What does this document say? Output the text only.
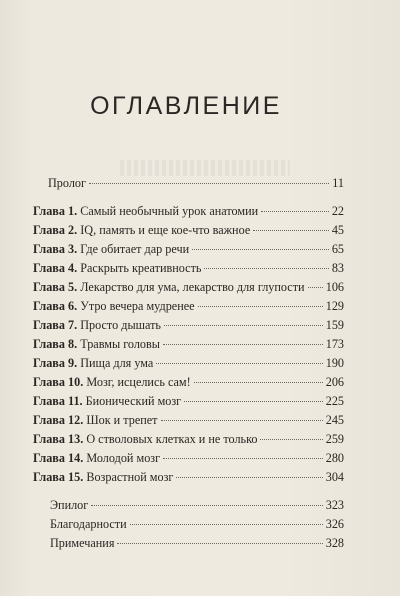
ОГЛАВЛЕНИЕ
Пролог	11
Глава 1. Самый необычный урок анатомии	22
Глава 2. IQ, память и еще кое-что важное	45
Глава 3. Где обитает дар речи	65
Глава 4. Раскрыть креативность	83
Глава 5. Лекарство для ума, лекарство для глупости 106
Глава 6. Утро вечера мудренее	129
Глава 7. Просто дышать	159
Глава 8. Травмы головы	173
Глава 9. Пища для ума	190
Глава 10. Мозг, исцелись сам!	206
Глава 11. Бионический мозг	225
Глава 12. Шок и трепет	245
Глава 13. О стволовых клетках и не только	259
Глава 14. Молодой мозг	280
Глава 15. Возрастной мозг	304
Эпилог	323
Благодарности	326
Примечания	328
